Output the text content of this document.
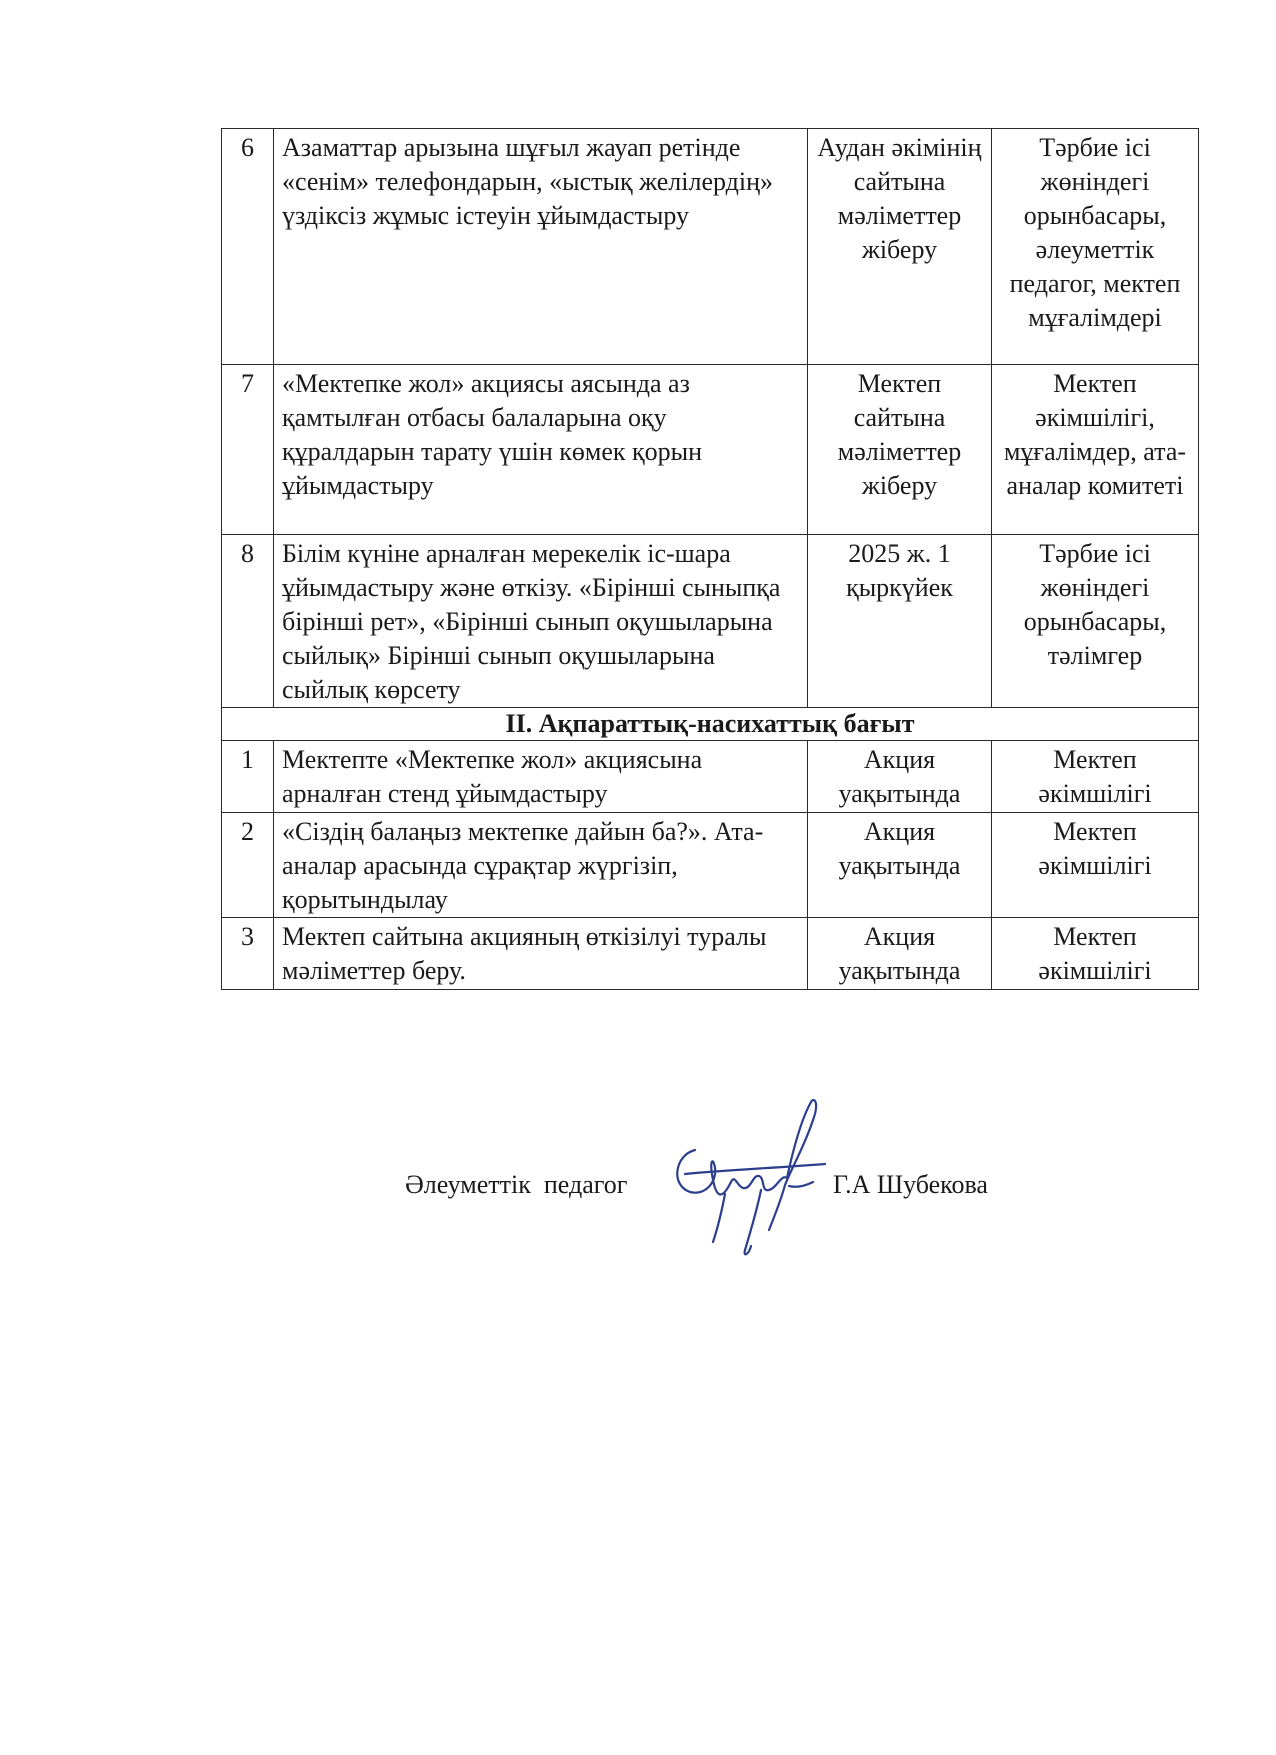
6	Азаматтар арызына шұғыл жауап ретінде «сенім» телефондарын, «ыстық желілердің» үздіксіз жұмыс істеуін ұйымдастыру	Аудан әкімінің сайтына мәліметтер жіберу	Тәрбие ісі жөніндегі орынбасары, әлеуметтік педагог, мектеп мұғалімдері
7	«Мектепке жол» акциясы аясында аз қамтылған отбасы балаларына оқу құралдарын тарату үшін көмек қорын ұйымдастыру	Мектеп сайтына мәліметтер жіберу	Мектеп әкімшілігі, мұғалімдер, ата-аналар комитеті
8	Білім күніне арналған мерекелік іс-шара ұйымдастыру және өткізу. «Бірінші сыныпқа бірінші рет», «Бірінші сынып оқушыларына сыйлық» Бірінші сынып оқушыларына сыйлық көрсету	2025 ж. 1 қыркүйек	Тәрбие ісі жөніндегі орынбасары, тәлімгер
II. Ақпараттық-насихаттық бағыт			
1	Мектепте «Мектепке жол» акциясына арналған стенд ұйымдастыру	Акция уақытында	Мектеп әкімшілігі
2	«Сіздің балаңыз мектепке дайын ба?». Ата-аналар арасында сұрақтар жүргізіп, қорытындылау	Акция уақытында	Мектеп әкімшілігі
3	Мектеп сайтына акцияның өткізілуі туралы мәліметтер беру.	Акция уақытында	Мектеп әкімшілігі
Әлеуметтік  педагог	Г.А Шубекова
